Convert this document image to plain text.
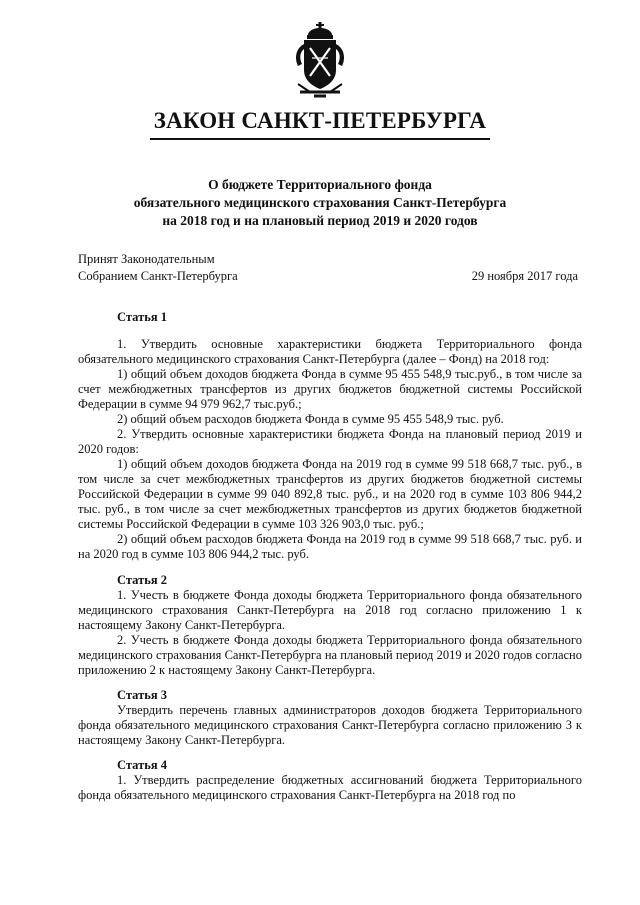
ЗАКОН САНКТ-ПЕТЕРБУРГА
О бюджете Территориального фонда
обязательного медицинского страхования Санкт-Петербурга
на 2018 год и на плановый период 2019 и 2020 годов
Принят Законодательным
Собранием Санкт-Петербурга	29 ноября 2017 года
Статья 1

1. Утвердить основные характеристики бюджета Территориального фонда обязательного медицинского страхования Санкт-Петербурга (далее – Фонд) на 2018 год:

1) общий объем доходов бюджета Фонда в сумме 95 455 548,9 тыс.руб., в том числе за счет межбюджетных трансфертов из других бюджетов бюджетной системы Российской Федерации в сумме 94 979 962,7 тыс.руб.;

2) общий объем расходов бюджета Фонда в сумме 95 455 548,9 тыс. руб.

2. Утвердить основные характеристики бюджета Фонда на плановый период 2019 и 2020 годов:

1) общий объем доходов бюджета Фонда на 2019 год в сумме 99 518 668,7 тыс. руб., в том числе за счет межбюджетных трансфертов из других бюджетов бюджетной системы Российской Федерации в сумме 99 040 892,8 тыс. руб., и на 2020 год в сумме 103 806 944,2 тыс. руб., в том числе за счет межбюджетных трансфертов из других бюджетов бюджетной системы Российской Федерации в сумме 103 326 903,0 тыс. руб.;

2) общий объем расходов бюджета Фонда на 2019 год в сумме 99 518 668,7 тыс. руб. и на 2020 год в сумме 103 806 944,2 тыс. руб.

Статья 2

1. Учесть в бюджете Фонда доходы бюджета Территориального фонда обязательного медицинского страхования Санкт-Петербурга на 2018 год согласно приложению 1 к настоящему Закону Санкт-Петербурга.

2. Учесть в бюджете Фонда доходы бюджета Территориального фонда обязательного медицинского страхования Санкт-Петербурга на плановый период 2019 и 2020 годов согласно приложению 2 к настоящему Закону Санкт-Петербурга.

Статья 3

Утвердить перечень главных администраторов доходов бюджета Территориального фонда обязательного медицинского страхования Санкт-Петербурга согласно приложению 3 к настоящему Закону Санкт-Петербурга.

Статья 4

1. Утвердить распределение бюджетных ассигнований бюджета Территориального фонда обязательного медицинского страхования Санкт-Петербурга на 2018 год по
